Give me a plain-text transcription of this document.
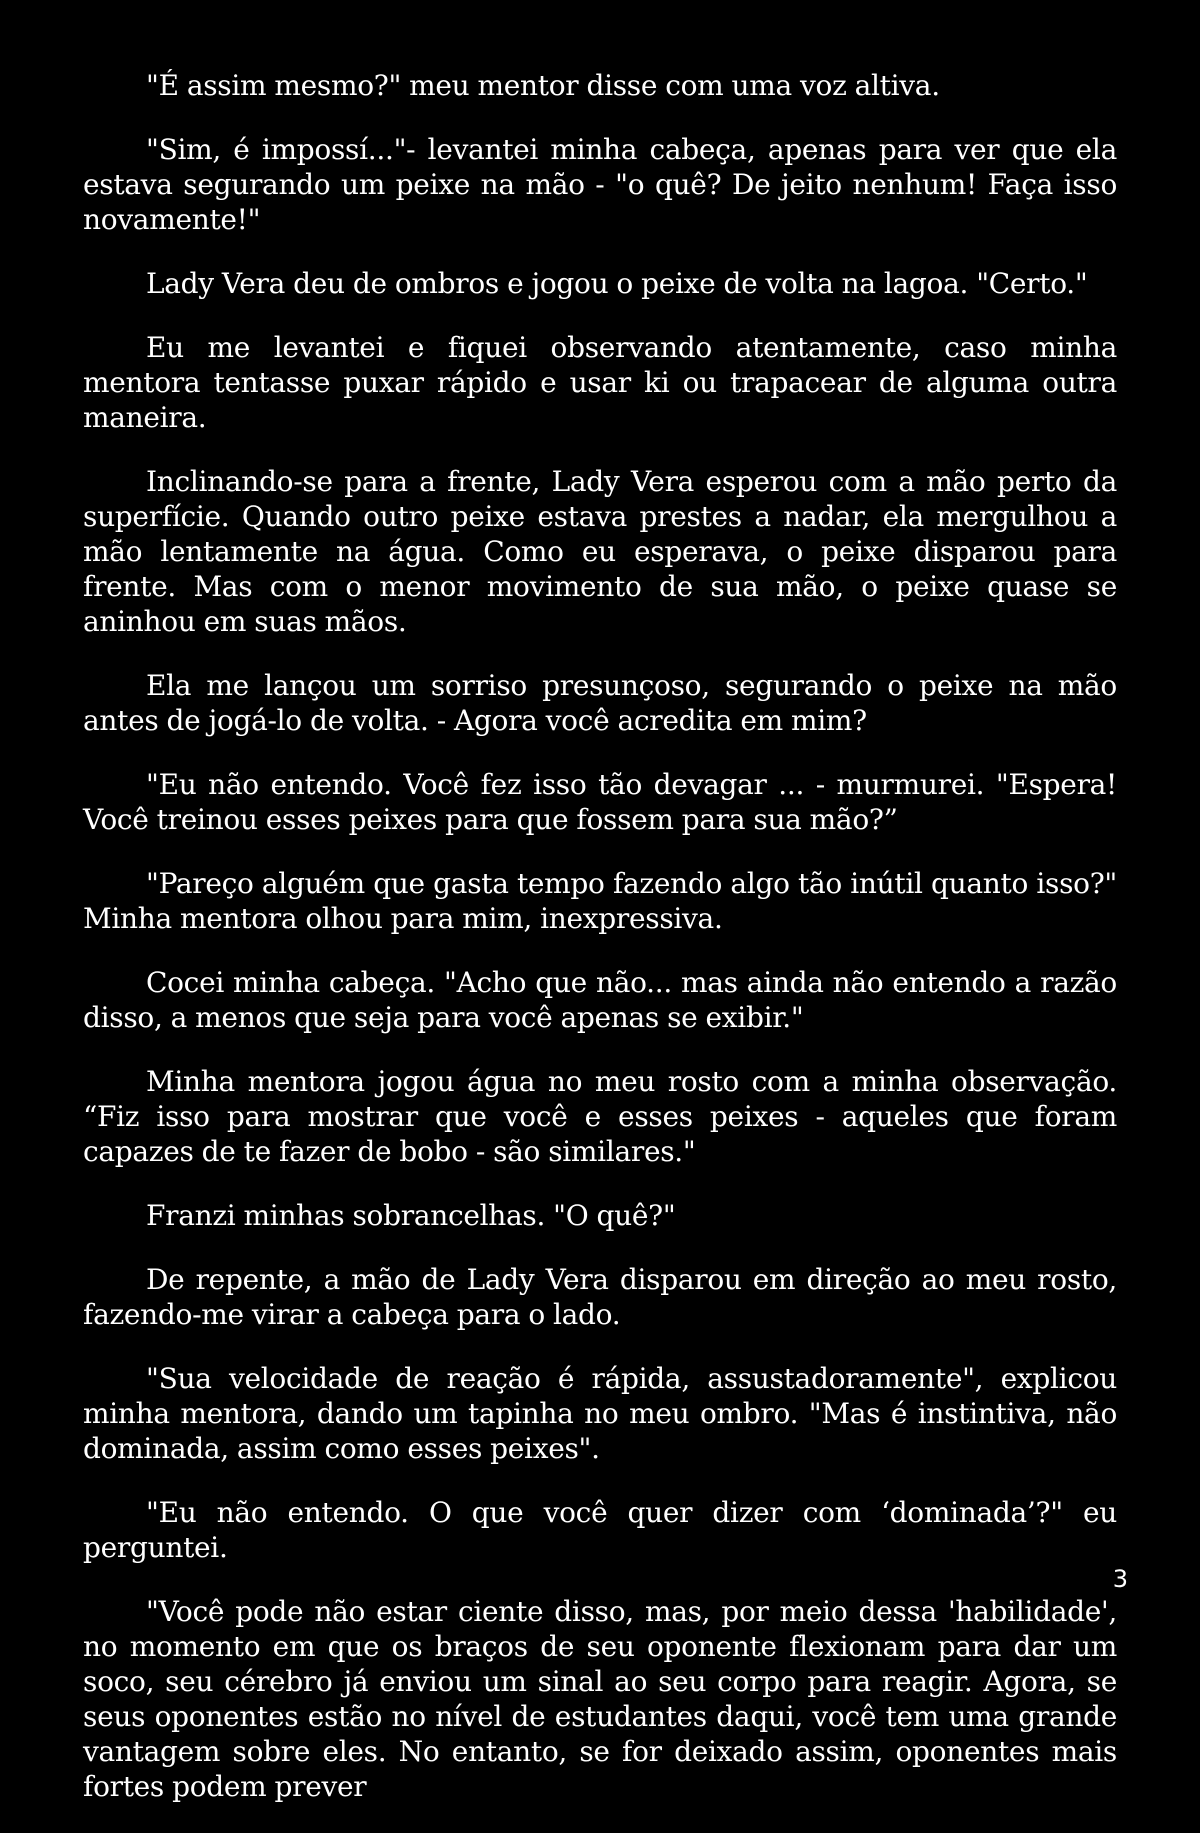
"É assim mesmo?" meu mentor disse com uma voz altiva.

"Sim, é impossí..."- levantei minha cabeça, apenas para ver que ela estava segurando um peixe na mão - "o quê? De jeito nenhum! Faça isso novamente!"

Lady Vera deu de ombros e jogou o peixe de volta na lagoa. "Certo."

Eu me levantei e fiquei observando atentamente, caso minha mentora tentasse puxar rápido e usar ki ou trapacear de alguma outra maneira.

Inclinando-se para a frente, Lady Vera esperou com a mão perto da superfície. Quando outro peixe estava prestes a nadar, ela mergulhou a mão lentamente na água. Como eu esperava, o peixe disparou para frente. Mas com o menor movimento de sua mão, o peixe quase se aninhou em suas mãos.

Ela me lançou um sorriso presunçoso, segurando o peixe na mão antes de jogá-lo de volta. - Agora você acredita em mim?

"Eu não entendo. Você fez isso tão devagar ... - murmurei. "Espera! Você treinou esses peixes para que fossem para sua mão?”

"Pareço alguém que gasta tempo fazendo algo tão inútil quanto isso?" Minha mentora olhou para mim, inexpressiva.

Cocei minha cabeça. "Acho que não... mas ainda não entendo a razão disso, a menos que seja para você apenas se exibir."

Minha mentora jogou água no meu rosto com a minha observação. “Fiz isso para mostrar que você e esses peixes - aqueles que foram capazes de te fazer de bobo - são similares."

Franzi minhas sobrancelhas. "O quê?"

De repente, a mão de Lady Vera disparou em direção ao meu rosto, fazendo-me virar a cabeça para o lado.

"Sua velocidade de reação é rápida, assustadoramente", explicou minha mentora, dando um tapinha no meu ombro. "Mas é instintiva, não dominada, assim como esses peixes".

"Eu não entendo. O que você quer dizer com ‘dominada’?" eu perguntei.

"Você pode não estar ciente disso, mas, por meio dessa 'habilidade', no momento em que os braços de seu oponente flexionam para dar um soco, seu cérebro já enviou um sinal ao seu corpo para reagir. Agora, se seus oponentes estão no nível de estudantes daqui, você tem uma grande vantagem sobre eles. No entanto, se for deixado assim, oponentes mais fortes podem prever

3
